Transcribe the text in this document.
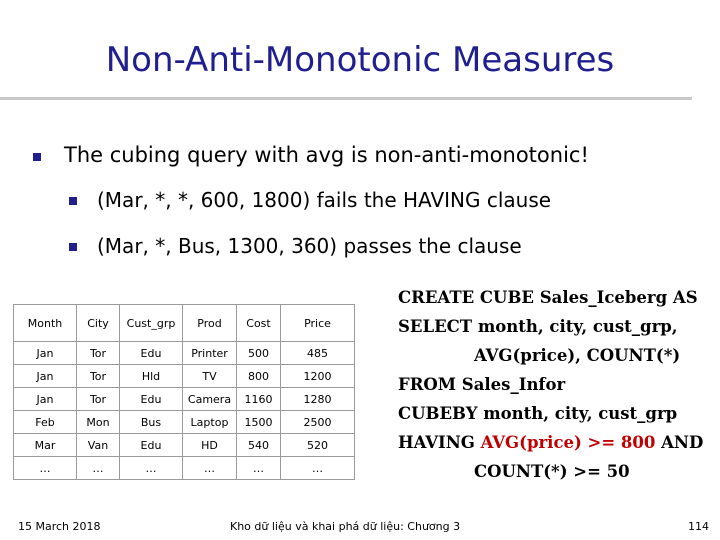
Non-Anti-Monotonic Measures
The cubing query with avg is non-anti-monotonic!
(Mar, *, *, 600, 1800) fails the HAVING clause
(Mar, *, Bus, 1300, 360) passes the clause
Month	City	Cust_grp	Prod	Cost	Price
Jan	Tor	Edu	Printer	500	485
Jan	Tor	Hld	TV	800	1200
Jan	Tor	Edu	Camera	1160	1280
Feb	Mon	Bus	Laptop	1500	2500
Mar	Van	Edu	HD	540	520
…	…	…	…	…	…
CREATE CUBE Sales_Iceberg AS
SELECT month, city, cust_grp,
AVG(price), COUNT(*)
FROM Sales_Infor
CUBEBY month, city, cust_grp
HAVING AVG(price) >= 800 AND
COUNT(*) >= 50
15 March 2018	Kho dữ liệu và khai phá dữ liệu: Chương 3	114
